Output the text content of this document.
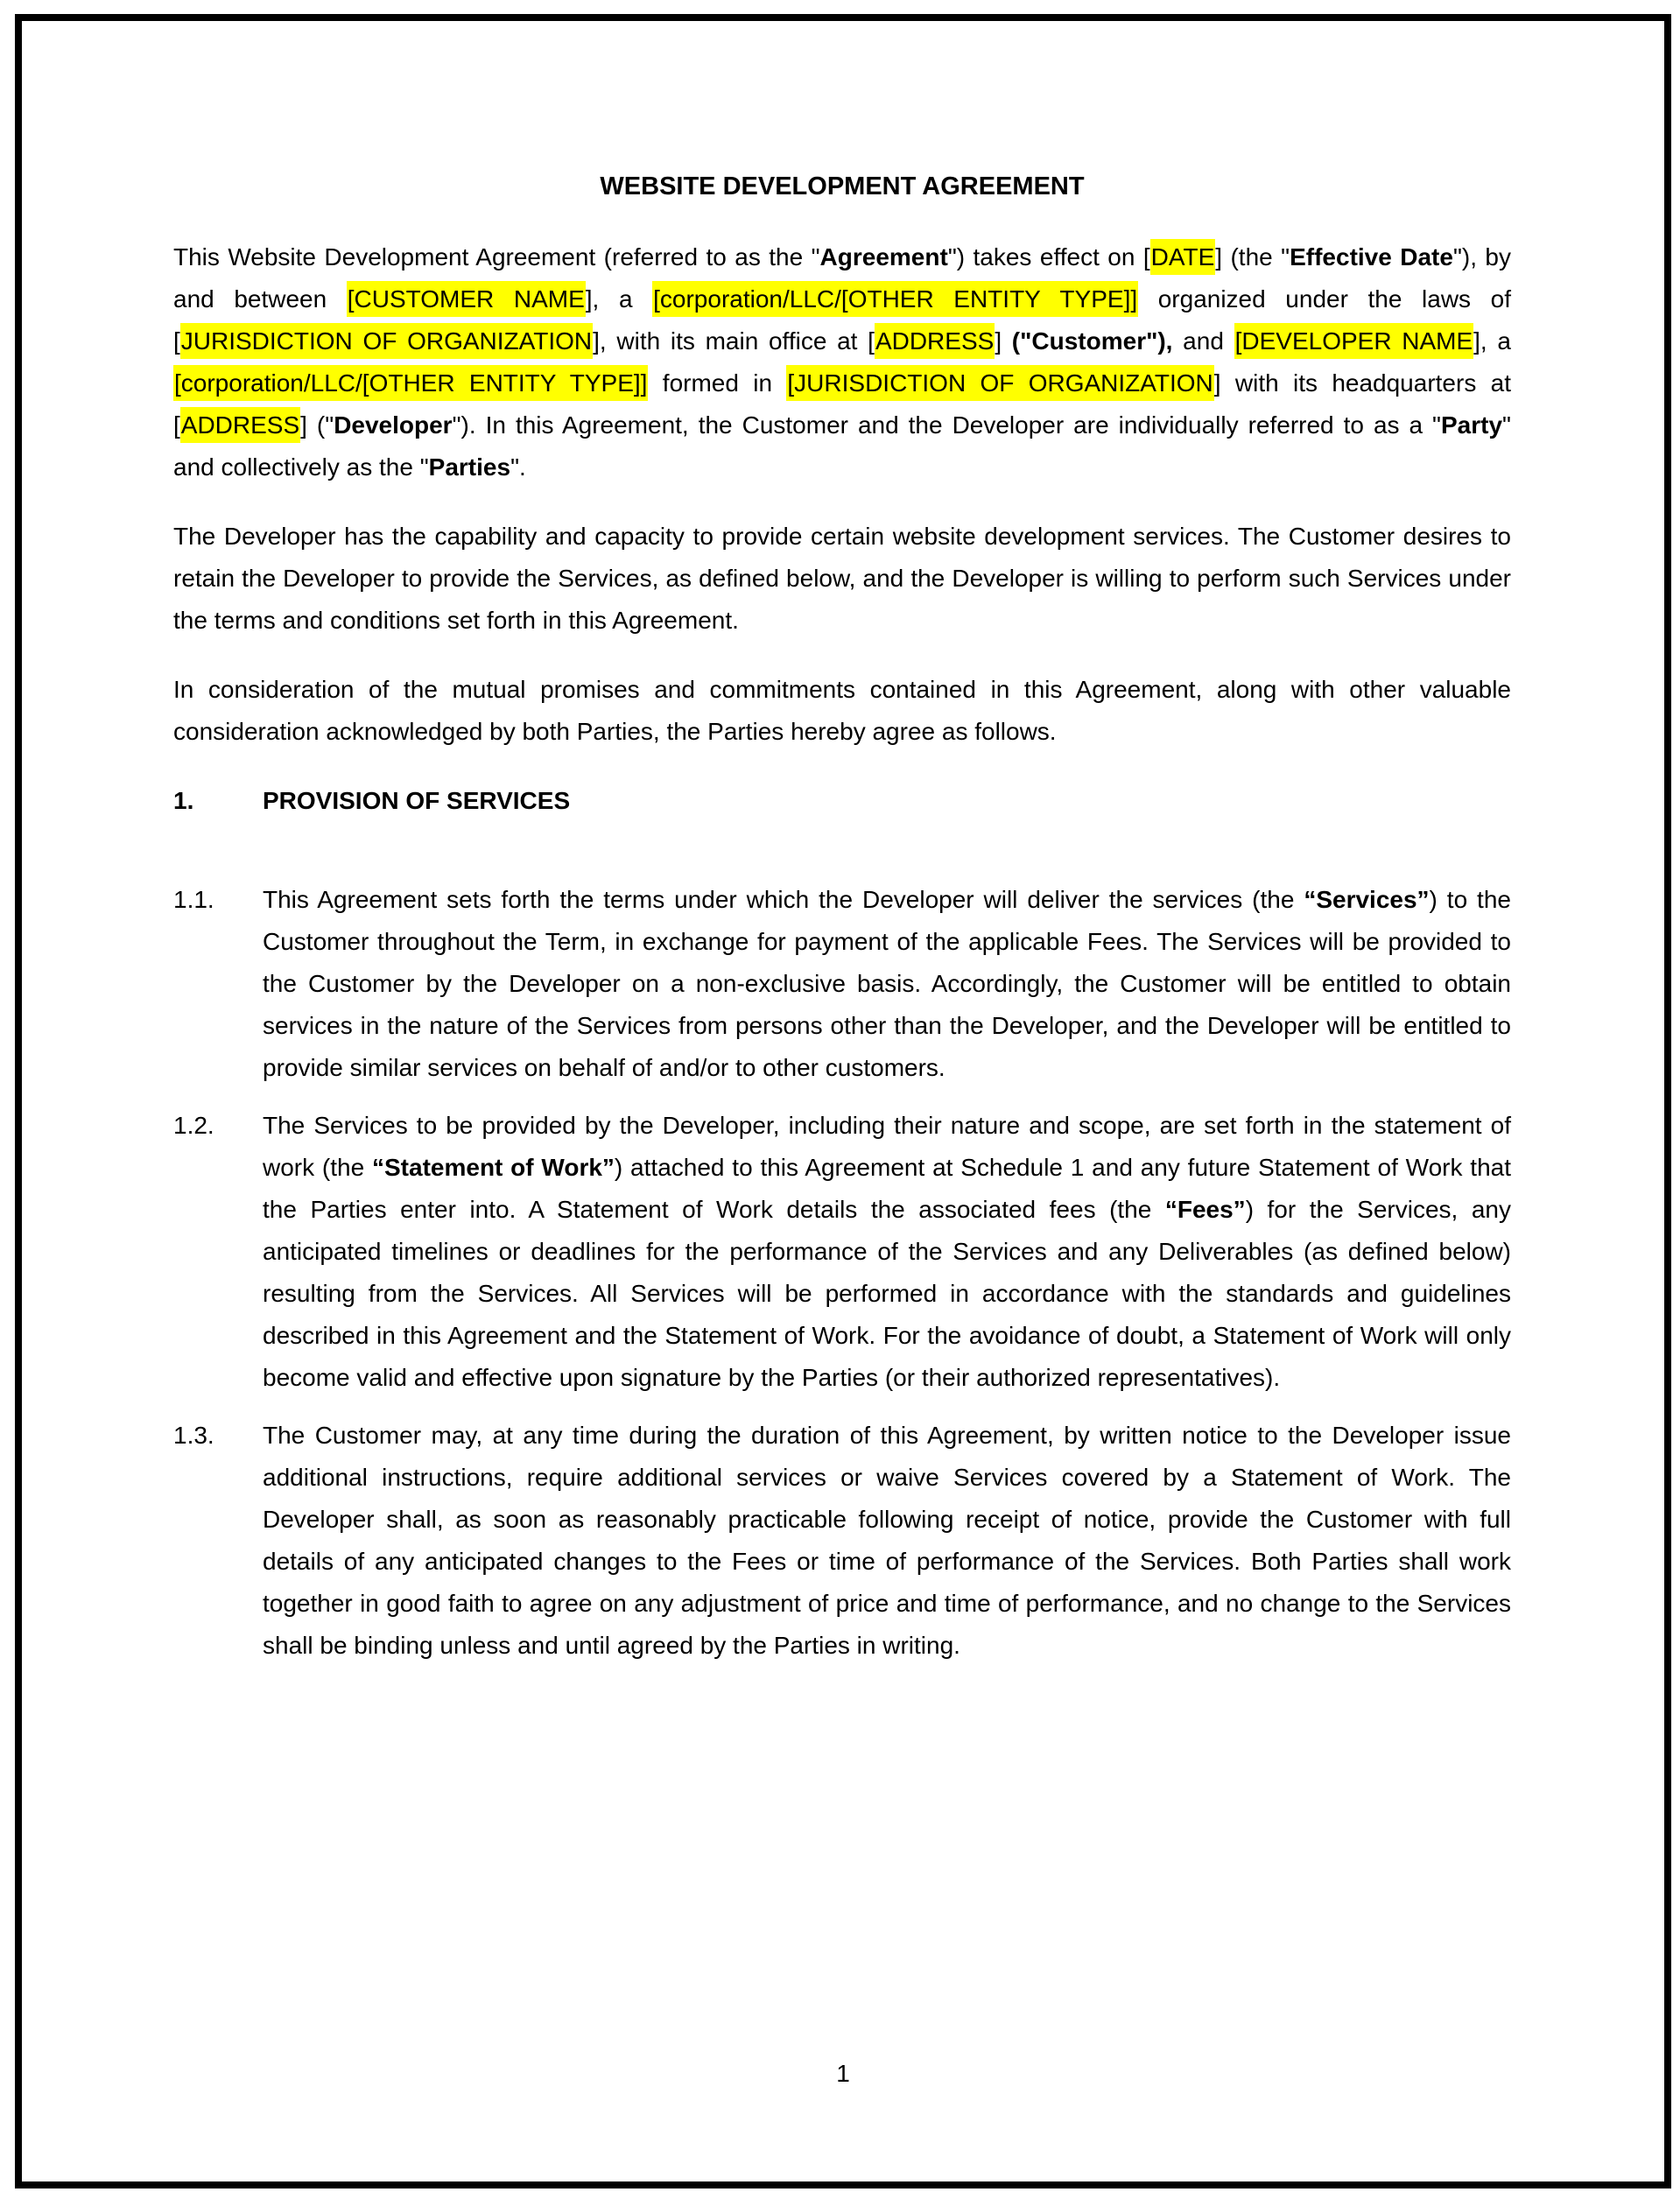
WEBSITE DEVELOPMENT AGREEMENT

This Website Development Agreement (referred to as the "Agreement") takes effect on [DATE] (the "Effective Date"), by and between [CUSTOMER NAME], a [corporation/LLC/[OTHER ENTITY TYPE]] organized under the laws of [JURISDICTION OF ORGANIZATION], with its main office at [ADDRESS] ("Customer"), and [DEVELOPER NAME], a [corporation/LLC/[OTHER ENTITY TYPE]] formed in [JURISDICTION OF ORGANIZATION] with its headquarters at [ADDRESS] ("Developer"). In this Agreement, the Customer and the Developer are individually referred to as a "Party" and collectively as the "Parties".

The Developer has the capability and capacity to provide certain website development services. The Customer desires to retain the Developer to provide the Services, as defined below, and the Developer is willing to perform such Services under the terms and conditions set forth in this Agreement.

In consideration of the mutual promises and commitments contained in this Agreement, along with other valuable consideration acknowledged by both Parties, the Parties hereby agree as follows.

1.	PROVISION OF SERVICES

1.1. This Agreement sets forth the terms under which the Developer will deliver the services (the “Services”) to the Customer throughout the Term, in exchange for payment of the applicable Fees. The Services will be provided to the Customer by the Developer on a non-exclusive basis. Accordingly, the Customer will be entitled to obtain services in the nature of the Services from persons other than the Developer, and the Developer will be entitled to provide similar services on behalf of and/or to other customers.

1.2. The Services to be provided by the Developer, including their nature and scope, are set forth in the statement of work (the “Statement of Work”) attached to this Agreement at Schedule 1 and any future Statement of Work that the Parties enter into. A Statement of Work details the associated fees (the “Fees”) for the Services, any anticipated timelines or deadlines for the performance of the Services and any Deliverables (as defined below) resulting from the Services. All Services will be performed in accordance with the standards and guidelines described in this Agreement and the Statement of Work. For the avoidance of doubt, a Statement of Work will only become valid and effective upon signature by the Parties (or their authorized representatives).

1.3. The Customer may, at any time during the duration of this Agreement, by written notice to the Developer issue additional instructions, require additional services or waive Services covered by a Statement of Work. The Developer shall, as soon as reasonably practicable following receipt of notice, provide the Customer with full details of any anticipated changes to the Fees or time of performance of the Services. Both Parties shall work together in good faith to agree on any adjustment of price and time of performance, and no change to the Services shall be binding unless and until agreed by the Parties in writing.

1
